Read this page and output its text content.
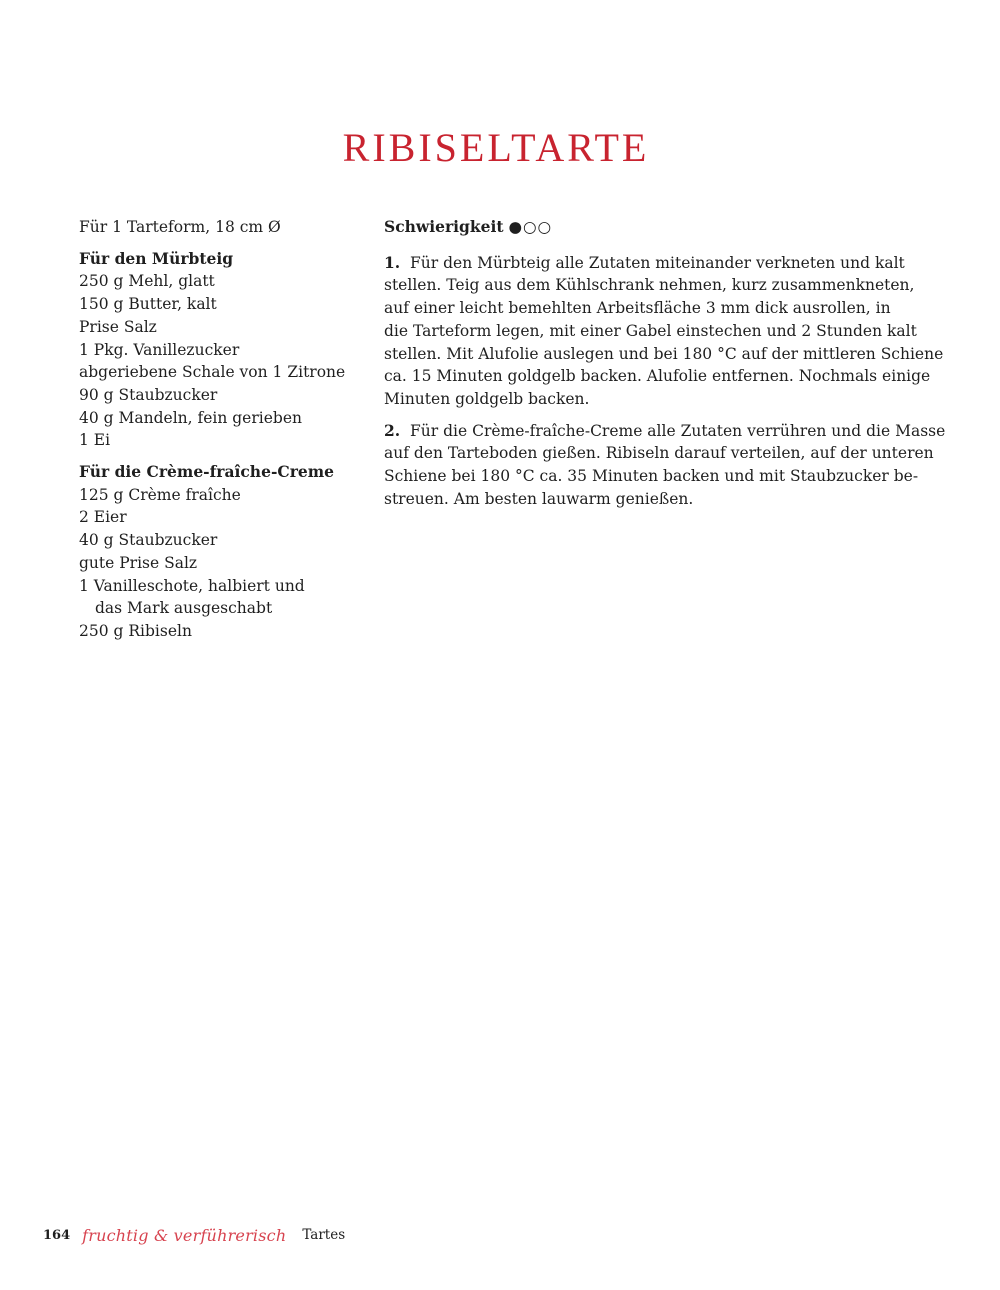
RIBISELTARTE
Für 1 Tarteform, 18 cm Ø
Für den Mürbteig
250 g Mehl, glatt
150 g Butter, kalt
Prise Salz
1 Pkg. Vanillezucker
abgeriebene Schale von 1 Zitrone
90 g Staubzucker
40 g Mandeln, fein gerieben
1 Ei
Für die Crème-fraîche-Creme
125 g Crème fraîche
2 Eier
40 g Staubzucker
gute Prise Salz
1 Vanilleschote, halbiert und
das Mark ausgeschabt
250 g Ribiseln
Schwierigkeit ●○○
1. Für den Mürbteig alle Zutaten miteinander verkneten und kalt
stellen. Teig aus dem Kühlschrank nehmen, kurz zusammenkneten,
auf einer leicht bemehlten Arbeitsfläche 3 mm dick ausrollen, in
die Tarteform legen, mit einer Gabel einstechen und 2 Stunden kalt
stellen. Mit Alufolie auslegen und bei 180 °C auf der mittleren Schiene
ca. 15 Minuten goldgelb backen. Alufolie entfernen. Nochmals einige
Minuten goldgelb backen.
2. Für die Crème-fraîche-Creme alle Zutaten verrühren und die Masse
auf den Tarteboden gießen. Ribiseln darauf verteilen, auf der unteren
Schiene bei 180 °C ca. 35 Minuten backen und mit Staubzucker be-
streuen. Am besten lauwarm genießen.
164 fruchtig & verführerisch Tartes
